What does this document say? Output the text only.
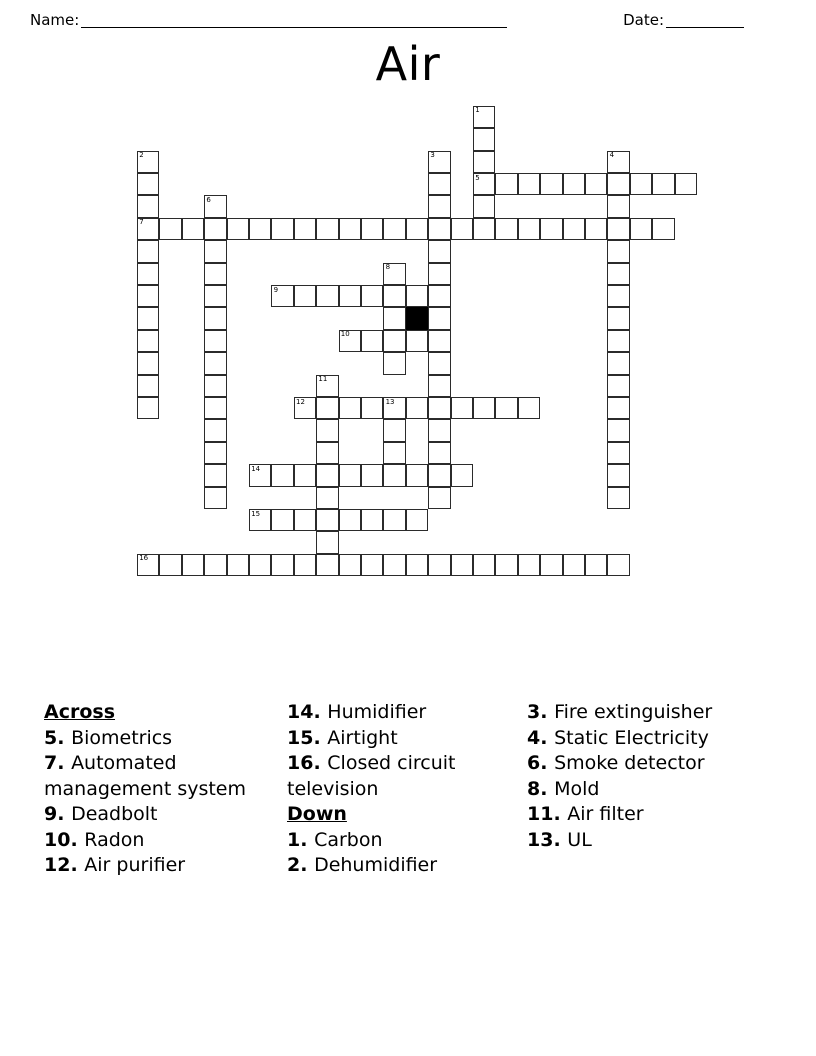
Name:	Date:
Air
1
2	3	4
5
6
7
8
9
10
11
12	13
14
15
16
Across
5. Biometrics
7. Automated management system
9. Deadbolt
10. Radon
12. Air purifier
14. Humidifier
15. Airtight
16. Closed circuit television
Down
1. Carbon
2. Dehumidifier
3. Fire extinguisher
4. Static Electricity
6. Smoke detector
8. Mold
11. Air filter
13. UL
